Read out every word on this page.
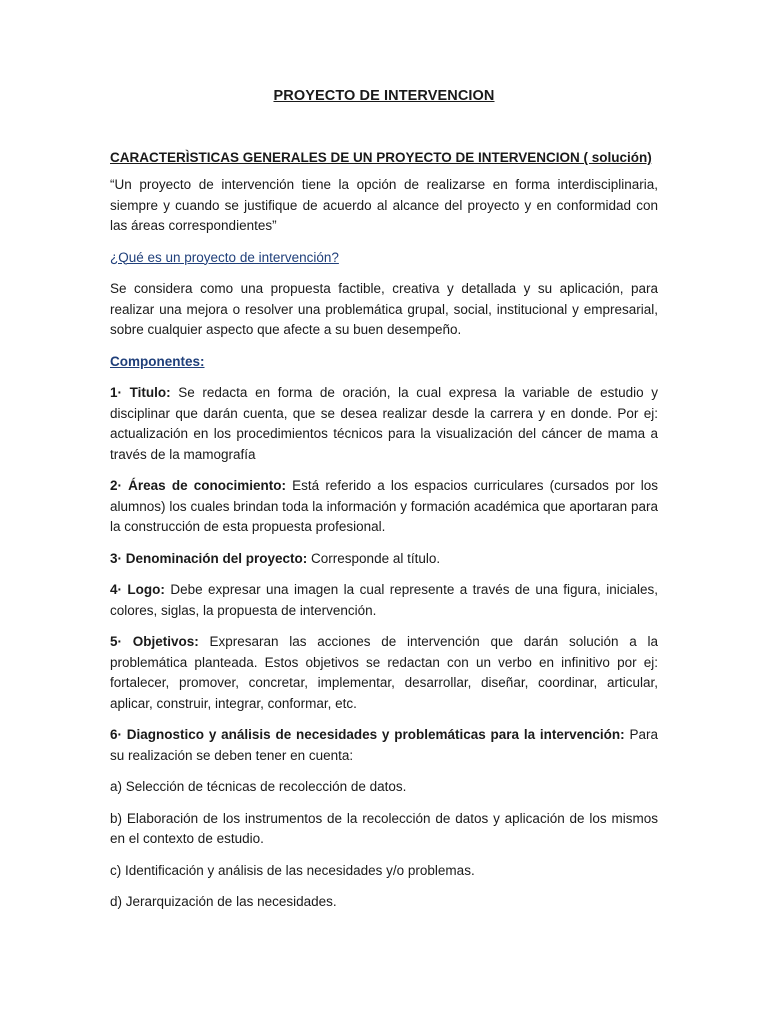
PROYECTO DE INTERVENCION
CARACTERÌSTICAS GENERALES DE UN PROYECTO DE INTERVENCION ( solución)

“Un proyecto de intervención tiene la opción de realizarse en forma interdisciplinaria, siempre y cuando se justifique de acuerdo al alcance del proyecto y en conformidad con las áreas correspondientes”

¿Qué es un proyecto de intervención?

Se considera como una propuesta factible, creativa y detallada y su aplicación, para realizar una mejora o resolver una problemática grupal, social, institucional y empresarial, sobre cualquier aspecto que afecte a su buen desempeño.

Componentes:

1· Titulo: Se redacta en forma de oración, la cual expresa la variable de estudio y disciplinar que darán cuenta, que se desea realizar desde la carrera y en donde. Por ej: actualización en los procedimientos técnicos para la visualización del cáncer de mama a través de la mamografía

2· Áreas de conocimiento: Está referido a los espacios curriculares (cursados por los alumnos) los cuales brindan toda la información y formación académica que aportaran para la construcción de esta propuesta profesional.

3· Denominación del proyecto: Corresponde al título.

4· Logo: Debe expresar una imagen la cual represente a través de una figura, iniciales, colores, siglas, la propuesta de intervención.

5· Objetivos: Expresaran las acciones de intervención que darán solución a la problemática planteada. Estos objetivos se redactan con un verbo en infinitivo por ej: fortalecer, promover, concretar, implementar, desarrollar, diseñar, coordinar, articular, aplicar, construir, integrar, conformar, etc.

6· Diagnostico y análisis de necesidades y problemáticas para la intervención: Para su realización se deben tener en cuenta:

a) Selección de técnicas de recolección de datos.

b) Elaboración de los instrumentos de la recolección de datos y aplicación de los mismos en el contexto de estudio.

c) Identificación y análisis de las necesidades y/o problemas.

d) Jerarquización de las necesidades.
